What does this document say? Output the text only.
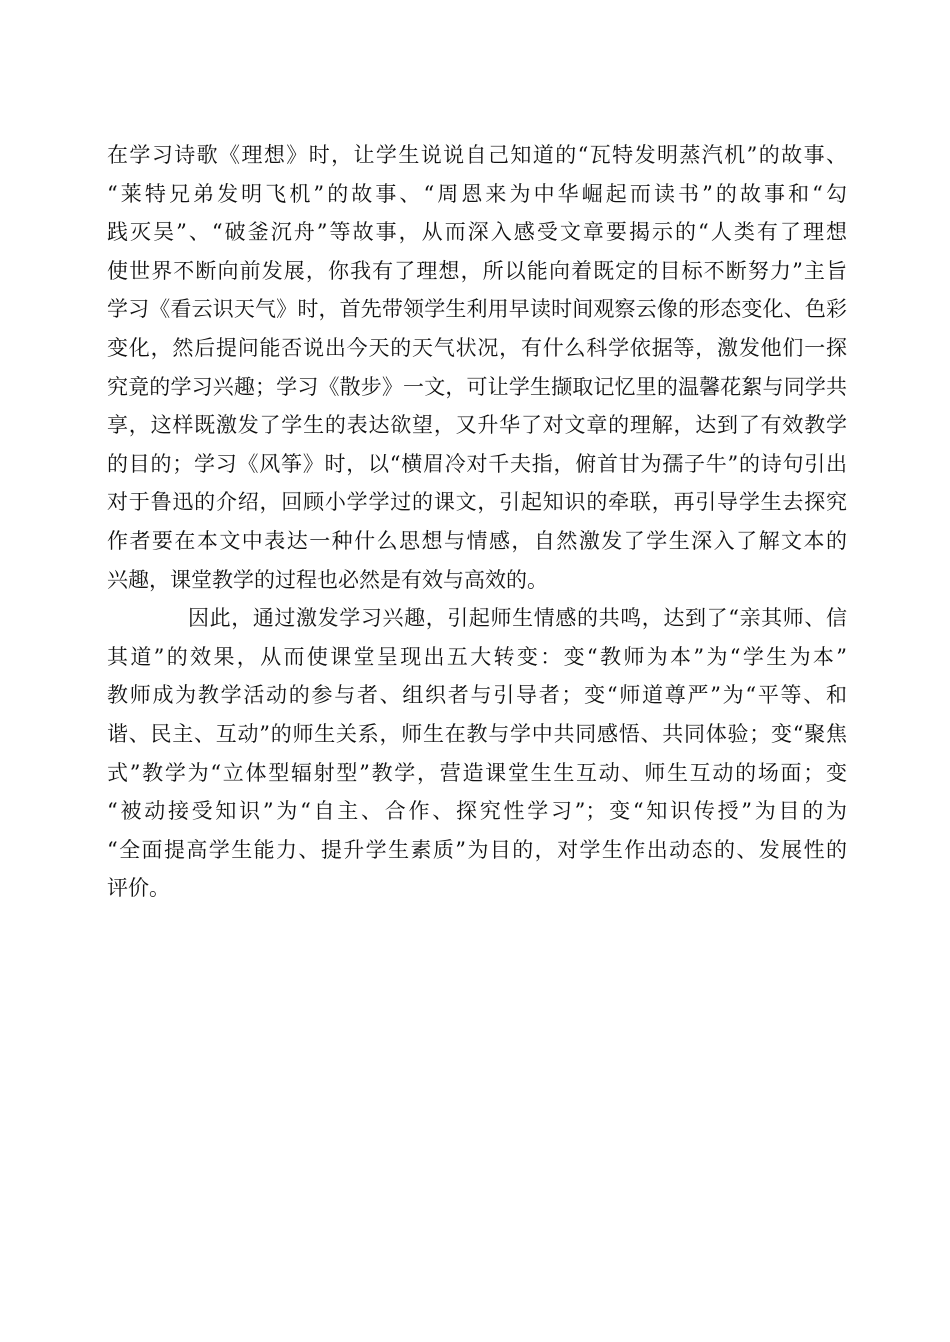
在学习诗歌《理想》时，让学生说说自己知道的“瓦特发明蒸汽机”的故事、
“莱特兄弟发明飞机”的故事、“周恩来为中华崛起而读书”的故事和“勾
践灭吴”、“破釜沉舟”等故事，从而深入感受文章要揭示的“人类有了理想
使世界不断向前发展，你我有了理想，所以能向着既定的目标不断努力”主旨
学习《看云识天气》时，首先带领学生利用早读时间观察云像的形态变化、色彩
变化，然后提问能否说出今天的天气状况，有什么科学依据等，激发他们一探
究竟的学习兴趣；学习《散步》一文，可让学生撷取记忆里的温馨花絮与同学共
享，这样既激发了学生的表达欲望，又升华了对文章的理解，达到了有效教学
的目的；学习《风筝》时，以“横眉冷对千夫指，俯首甘为孺子牛”的诗句引出
对于鲁迅的介绍，回顾小学学过的课文，引起知识的牵联，再引导学生去探究
作者要在本文中表达一种什么思想与情感，自然激发了学生深入了解文本的
兴趣，课堂教学的过程也必然是有效与高效的。
因此，通过激发学习兴趣，引起师生情感的共鸣，达到了“亲其师、信
其道”的效果，从而使课堂呈现出五大转变：变“教师为本”为“学生为本”
教师成为教学活动的参与者、组织者与引导者；变“师道尊严”为“平等、和
谐、民主、互动”的师生关系，师生在教与学中共同感悟、共同体验；变“聚焦
式”教学为“立体型辐射型”教学，营造课堂生生互动、师生互动的场面；变
“被动接受知识”为“自主、合作、探究性学习”；变“知识传授”为目的为
“全面提高学生能力、提升学生素质”为目的，对学生作出动态的、发展性的
评价。
